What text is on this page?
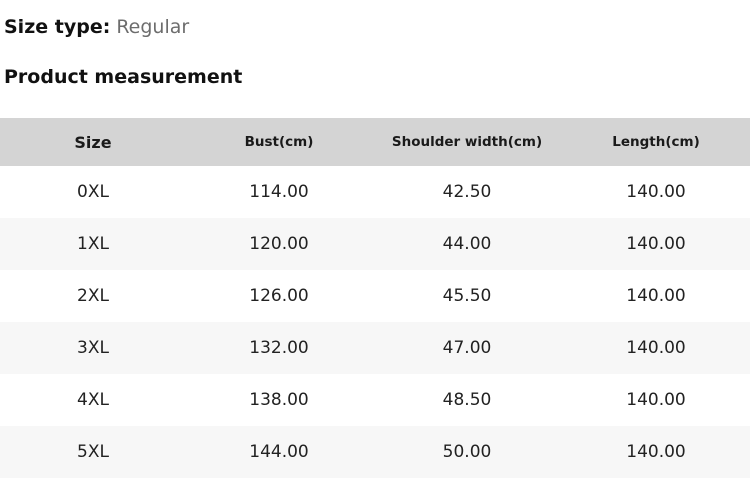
Size type: Regular
Product measurement
Size	Bust(cm)	Shoulder width(cm)	Length(cm)
0XL	114.00	42.50	140.00
1XL	120.00	44.00	140.00
2XL	126.00	45.50	140.00
3XL	132.00	47.00	140.00
4XL	138.00	48.50	140.00
5XL	144.00	50.00	140.00
